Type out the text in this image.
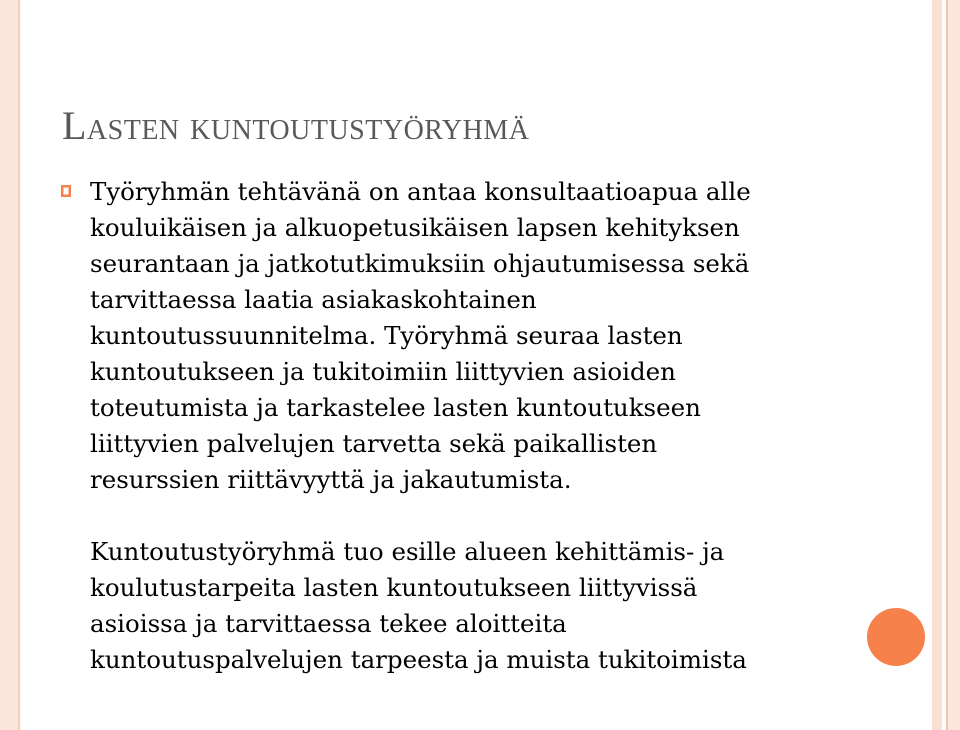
Lasten kuntoutustyöryhmä

Työryhmän tehtävänä on antaa konsultaatioapua alle
kouluikäisen ja alkuopetusikäisen lapsen kehityksen
seurantaan ja jatkotutkimuksiin ohjautumisessa sekä
tarvittaessa laatia asiakaskohtainen
kuntoutussuunnitelma. Työryhmä seuraa lasten
kuntoutukseen ja tukitoimiin liittyvien asioiden
toteutumista ja tarkastelee lasten kuntoutukseen
liittyvien palvelujen tarvetta sekä paikallisten
resurssien riittävyyttä ja jakautumista.

Kuntoutustyöryhmä tuo esille alueen kehittämis- ja
koulutustarpeita lasten kuntoutukseen liittyvissä
asioissa ja tarvittaessa tekee aloitteita
kuntoutuspalvelujen tarpeesta ja muista tukitoimista
